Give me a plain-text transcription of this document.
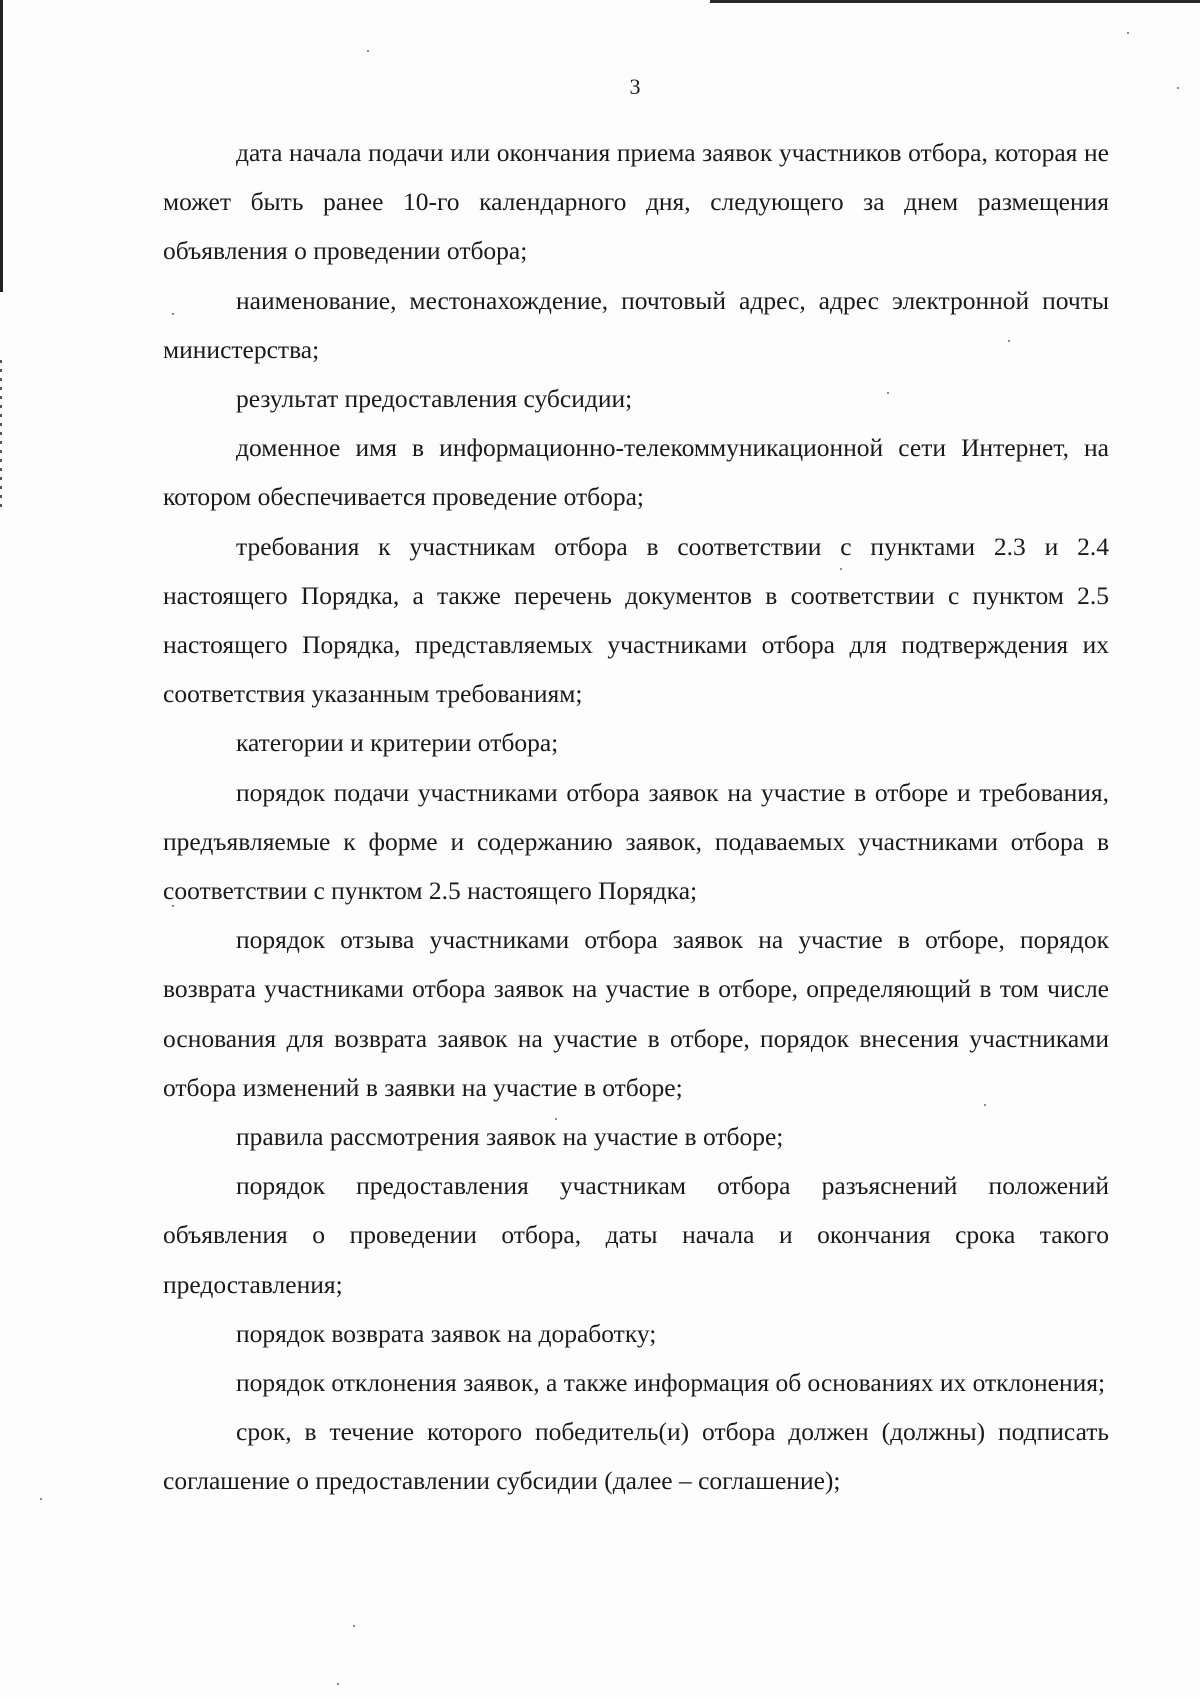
3

дата начала подачи или окончания приема заявок участников отбора, которая не может быть ранее 10-го календарного дня, следующего за днем размещения объявления о проведении отбора;

наименование, местонахождение, почтовый адрес, адрес электронной почты министерства;

результат предоставления субсидии;

доменное имя в информационно-телекоммуникационной сети Интернет, на котором обеспечивается проведение отбора;

требования к участникам отбора в соответствии с пунктами 2.3 и 2.4 настоящего Порядка, а также перечень документов в соответствии с пунктом 2.5 настоящего Порядка, представляемых участниками отбора для подтверждения их соответствия указанным требованиям;

категории и критерии отбора;

порядок подачи участниками отбора заявок на участие в отборе и требования, предъявляемые к форме и содержанию заявок, подаваемых участниками отбора в соответствии с пунктом 2.5 настоящего Порядка;

порядок отзыва участниками отбора заявок на участие в отборе, порядок возврата участниками отбора заявок на участие в отборе, определяющий в том числе основания для возврата заявок на участие в отборе, порядок внесения участниками отбора изменений в заявки на участие в отборе;

правила рассмотрения заявок на участие в отборе;

порядок предоставления участникам отбора разъяснений положений объявления о проведении отбора, даты начала и окончания срока такого предоставления;

порядок возврата заявок на доработку;

порядок отклонения заявок, а также информация об основаниях их отклонения;

срок, в течение которого победитель(и) отбора должен (должны) подписать соглашение о предоставлении субсидии (далее – соглашение);
